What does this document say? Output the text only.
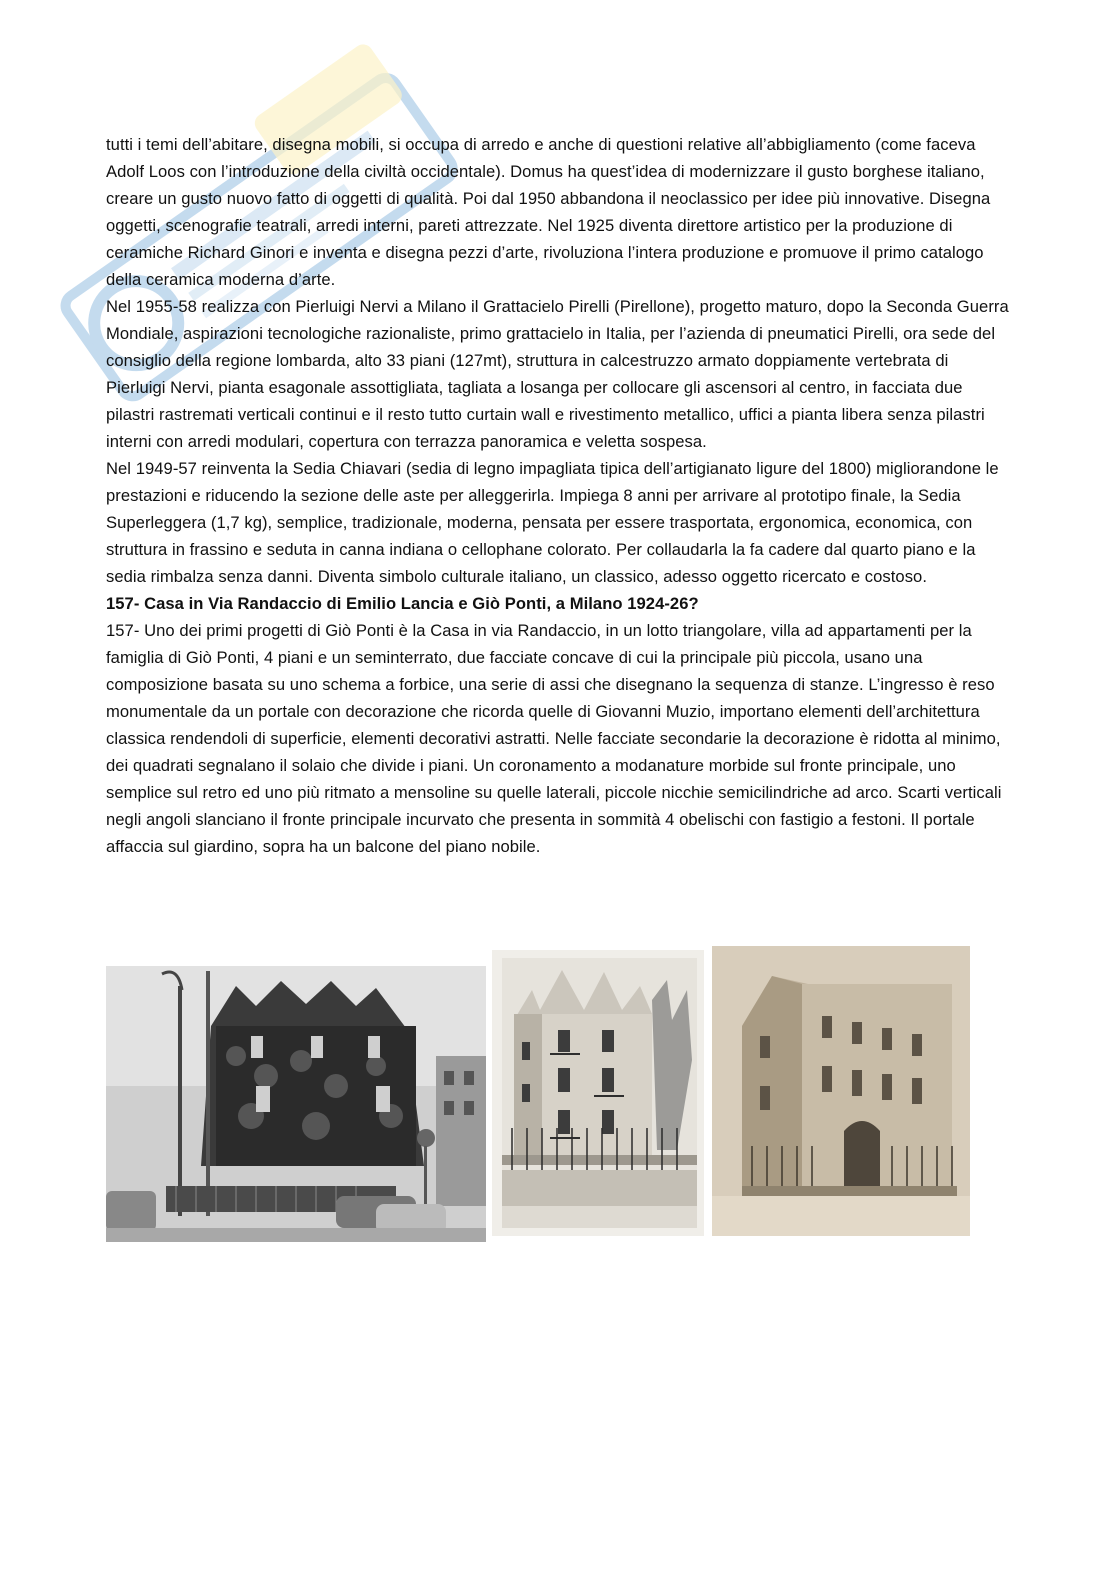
tutti i temi dell’abitare, disegna mobili, si occupa di arredo e anche di questioni relative all’abbigliamento (come faceva Adolf Loos con l’introduzione della civiltà occidentale). Domus ha quest’idea di modernizzare il gusto borghese italiano, creare un gusto nuovo fatto di oggetti di qualità. Poi dal 1950 abbandona il neoclassico per idee più innovative. Disegna oggetti, scenografie teatrali, arredi interni, pareti attrezzate. Nel 1925 diventa direttore artistico per la produzione di ceramiche Richard Ginori e inventa e disegna pezzi d’arte, rivoluziona l’intera produzione e promuove il primo catalogo della ceramica moderna d’arte.

Nel 1955-58 realizza con Pierluigi Nervi a Milano il Grattacielo Pirelli (Pirellone), progetto maturo, dopo la Seconda Guerra Mondiale, aspirazioni tecnologiche razionaliste, primo grattacielo in Italia, per l’azienda di pneumatici Pirelli, ora sede del consiglio della regione lombarda, alto 33 piani (127mt), struttura in calcestruzzo armato doppiamente vertebrata di Pierluigi Nervi, pianta esagonale assottigliata, tagliata a losanga per collocare gli ascensori al centro, in facciata due pilastri rastremati verticali continui e il resto tutto curtain wall e rivestimento metallico, uffici a pianta libera senza pilastri interni con arredi modulari, copertura con terrazza panoramica e veletta sospesa.

Nel 1949-57 reinventa la Sedia Chiavari (sedia di legno impagliata tipica dell’artigianato ligure del 1800) migliorandone le prestazioni e riducendo la sezione delle aste per alleggerirla. Impiega 8 anni per arrivare al prototipo finale, la Sedia Superleggera (1,7 kg), semplice, tradizionale, moderna, pensata per essere trasportata, ergonomica, economica, con struttura in frassino e seduta in canna indiana o cellophane colorato. Per collaudarla la fa cadere dal quarto piano e la sedia rimbalza senza danni. Diventa simbolo culturale italiano, un classico, adesso oggetto ricercato e costoso.

157- Casa in Via Randaccio di Emilio Lancia e Giò Ponti, a Milano 1924-26?

157- Uno dei primi progetti di Giò Ponti è la Casa in via Randaccio, in un lotto triangolare, villa ad appartamenti per la famiglia di Giò Ponti, 4 piani e un seminterrato, due facciate concave di cui la principale più piccola, usano una composizione basata su uno schema a forbice, una serie di assi che disegnano la sequenza di stanze. L’ingresso è reso monumentale da un portale con decorazione che ricorda quelle di Giovanni Muzio, importano elementi dell’architettura classica rendendoli di superficie, elementi decorativi astratti. Nelle facciate secondarie la decorazione è ridotta al minimo, dei quadrati segnalano il solaio che divide i piani. Un coronamento a modanature morbide sul fronte principale, uno semplice sul retro ed uno più ritmato a mensoline su quelle laterali, piccole nicchie semicilindriche ad arco. Scarti verticali negli angoli slanciano il fronte principale incurvato che presenta in sommità 4 obelischi con fastigio a festoni. Il portale affaccia sul giardino, sopra ha un balcone del piano nobile.
